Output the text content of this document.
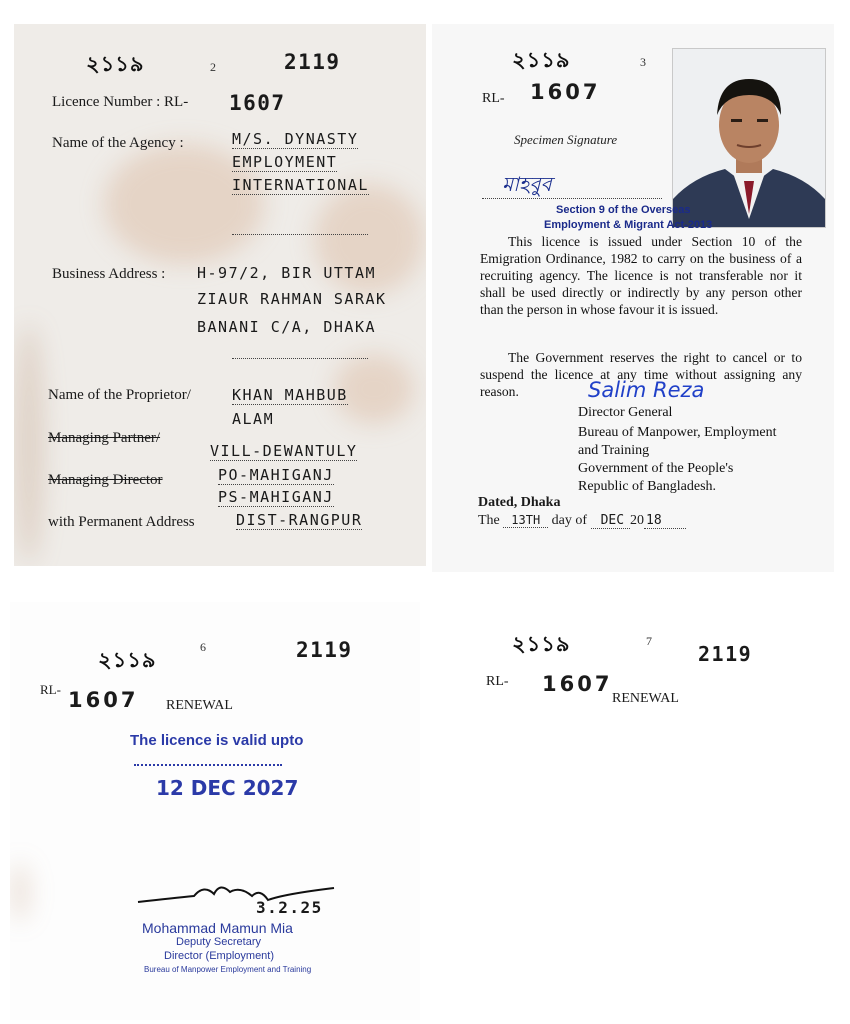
২১১৯	2	2119
Licence Number : RL- 1607
Name of the Agency :	M/S. DYNASTY
EMPLOYMENT
INTERNATIONAL
Business Address : H-97/2, BIR UTTAM
ZIAUR RAHMAN SARAK
BANANI C/A, DHAKA
Name of the Proprietor/	KHAN MAHBUB
ALAM
Managing Partner/
VILL-DEWANTULY
Managing Director	PO-MAHIGANJ
PS-MAHIGANJ
with Permanent Address	DIST-RANGPUR
২১১৯	3
RL- 1607
Specimen Signature
মাহবুব
Section 9 of the Overseas
Employment & Migrant Act-2013
This licence is issued under Section 10 of the Emigration Ordinance, 1982 to carry on the business of a recruiting agency. The licence is not transferable nor it shall be used directly or indirectly by any person other than the person in whose favour it is issued.
The Government reserves the right to cancel or to suspend the licence at any time without assigning any reason.	Salim Reza
Director General
Bureau of Manpower, Employment
and Training
Government of the People's
Republic of Bangladesh.
Dated, Dhaka
The 13TH day of DEC 20 18
২১১৯
6	2119
RL- 1607 RENEWAL
The licence is valid upto
12 DEC 2027
3.2.25
Mohammad Mamun Mia
Deputy Secretary
Director (Employment)
Bureau of Manpower Employment and Training
২১১৯	7
2119
RL- 1607
RENEWAL
